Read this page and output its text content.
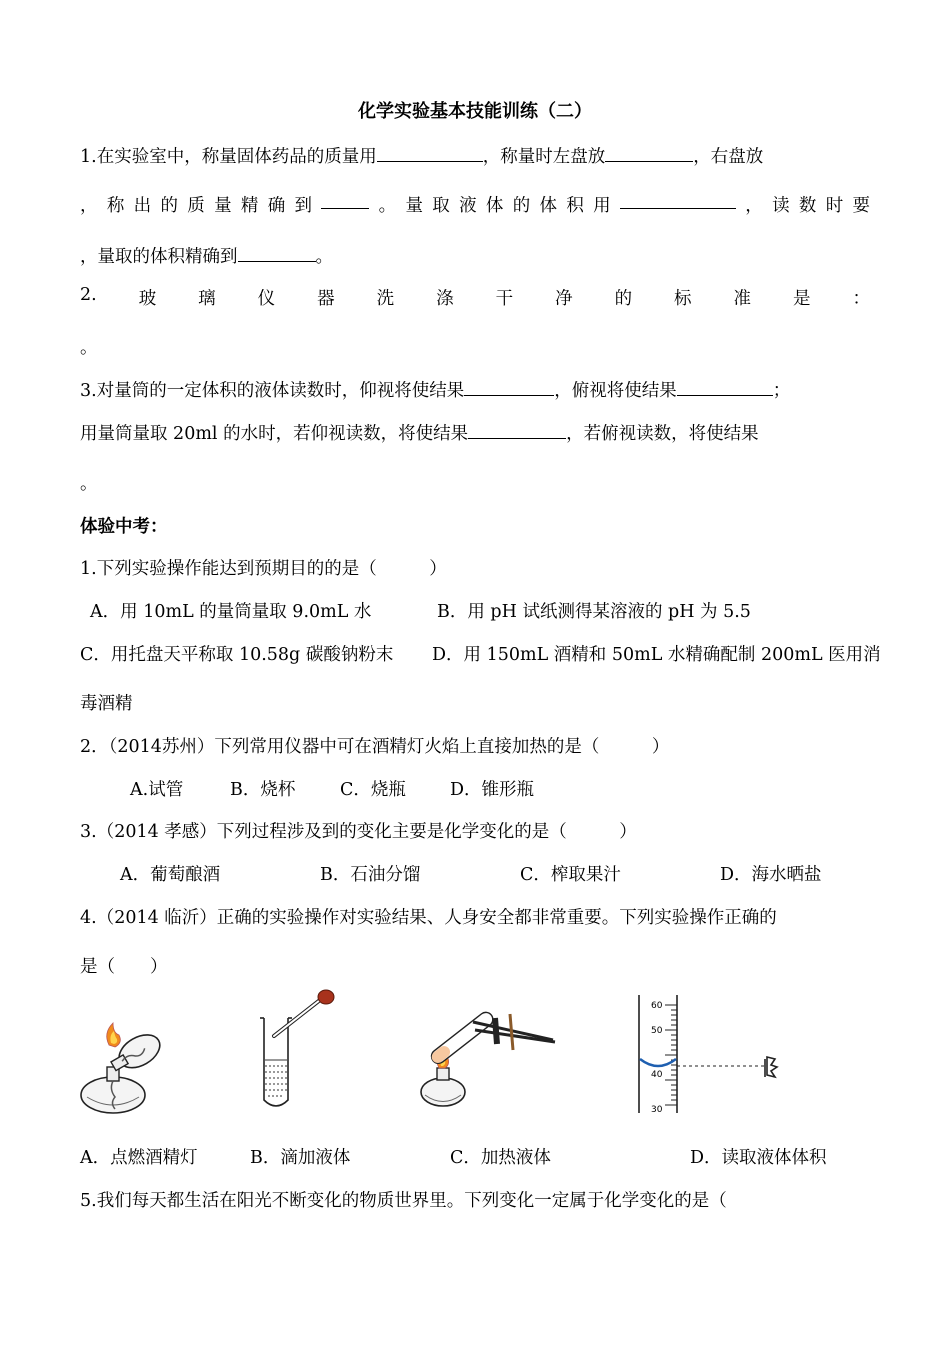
化学实验基本技能训练（二）
1.在实验室中，称量固体药品的质量用	，称量时左盘放	，右盘放
， 称 出 的 质 量 精 确 到	。 量 取 液 体 的 体 积 用	， 读 数 时 要
，量取的体积精确到	。
2. 玻 璃 仪 器 洗 涤 干 净 的 标 准 是 ：
。
3.对量筒的一定体积的液体读数时，仰视将使结果	，俯视将使结果	；
用量筒量取 20ml 的水时，若仰视读数，将使结果	，若俯视读数，将使结果
。
体验中考：
1.下列实验操作能达到预期目的的是（　　　）
A．用 10mL 的量筒量取 9.0mL 水	B．用 pH 试纸测得某溶液的 pH 为 5.5
C．用托盘天平称取 10.58g 碳酸钠粉末 D．用 150mL 酒精和 50mL 水精确配制 200mL 医用消
毒酒精
2．（2014苏州）下列常用仪器中可在酒精灯火焰上直接加热的是（　　　）
A.试管	B．烧杯	C．烧瓶	D．锥形瓶
3.（2014 孝感）下列过程涉及到的变化主要是化学变化的是（　　　）
A．葡萄酿酒	B．石油分馏	C．榨取果汁	D．海水晒盐
4.（2014 临沂）正确的实验操作对实验结果、人身安全都非常重要。下列实验操作正确的
是（　　）
60
50
40
30
A．点燃酒精灯	B．滴加液体	C．加热液体	D．读取液体体积
5.我们每天都生活在阳光不断变化的物质世界里。下列变化一定属于化学变化的是（
